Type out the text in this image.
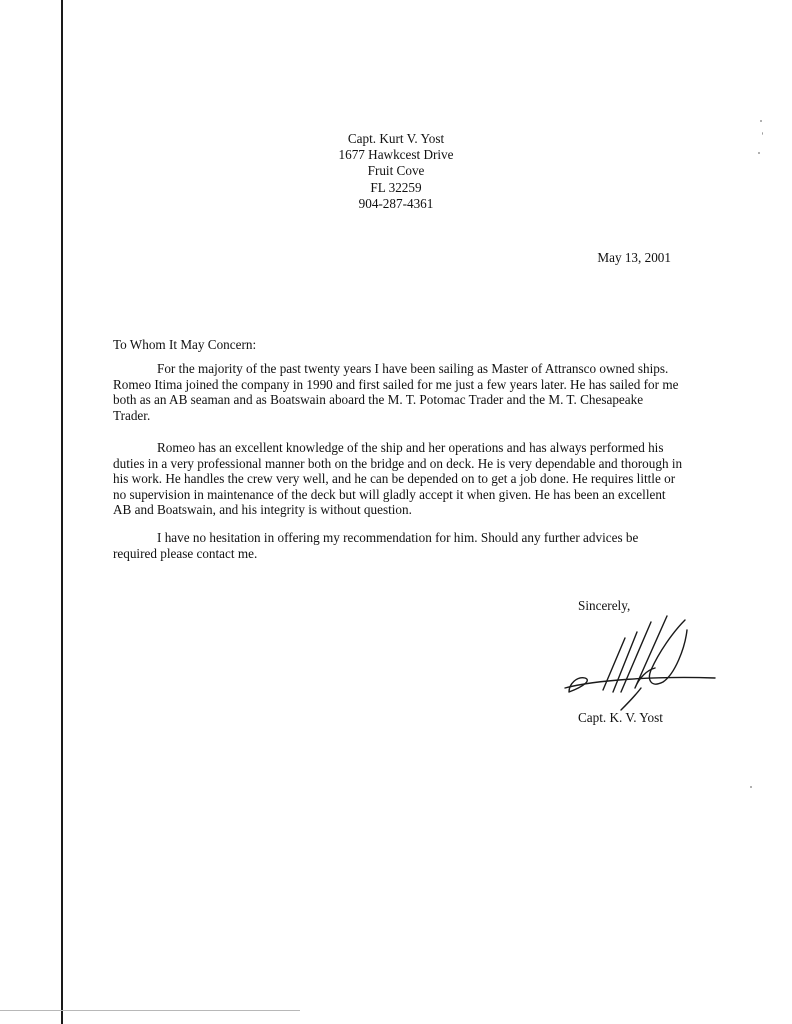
Capt. Kurt V. Yost
1677 Hawkcest Drive
Fruit Cove
FL 32259
904-287-4361
May 13, 2001
To Whom It May Concern:

For the majority of the past twenty years I have been sailing as Master of Attransco owned ships.
Romeo Itima joined the company in 1990 and first sailed for me just a few years later. He has sailed for me
both as an AB seaman and as Boatswain aboard the M. T. Potomac Trader and the M. T. Chesapeake
Trader.

Romeo has an excellent knowledge of the ship and her operations and has always performed his
duties in a very professional manner both on the bridge and on deck. He is very dependable and thorough in
his work. He handles the crew very well, and he can be depended on to get a job done. He requires little or
no supervision in maintenance of the deck but will gladly accept it when given. He has been an excellent
AB and Boatswain, and his integrity is without question.

I have no hesitation in offering my recommendation for him. Should any further advices be
required please contact me.

Sincerely,
Capt. K. V. Yost
